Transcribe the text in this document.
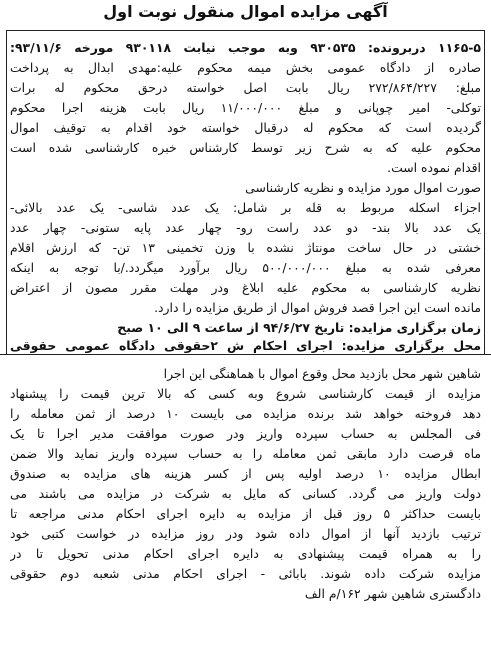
آگهی مزایده اموال منقول نوبت اول
۱۱۶۵-۵ دربرونده: ۹۳۰۵۳۵ وبه موجب نیابت ۹۳۰۱۱۸ مورخه ۹۳/۱۱/۶:
صادره از دادگاه عمومی بخش میمه محکوم علیه:مهدی ابدال به پرداخت
مبلغ: ۲۷۲/۸۶۴/۲۲۷ ریال بابت اصل خواسته درحق محکوم له برات
توکلی- امیر چوپانی و مبلغ ۱۱/۰۰۰/۰۰۰ ریال بابت هزینه اجرا محکوم
گردیده است که محکوم له درقبال خواسته خود اقدام به توقیف اموال
محکوم علیه که به شرح زیر توسط کارشناس خبره کارشناسی شده است
اقدام نموده است.
صورت اموال مورد مزایده و نظریه کارشناسی
اجزاء اسکله مربوط به قله بر شامل: یک عدد شاسی- یک عدد بالائی-
یک عدد بالا بند- دو عدد راست رو- چهار عدد پایه ستونی- چهار عدد
خشتی در حال ساخت مونتاژ نشده با وزن تخمینی ۱۳ تن- که ارزش اقلام
معرفی شده به مبلغ ۵۰۰/۰۰۰/۰۰۰ ریال برآورد میگردد./با توجه به اینکه
نظریه کارشناسی به محکوم علیه ابلاغ ودر مهلت مقرر مصون از اعتراض
مانده است این اجرا قصد فروش اموال از طریق مزایده را دارد.
زمان برگزاری مزایده: تاریخ ۹۴/۶/۲۷ از ساعت ۹ الی ۱۰ صبح
محل برگزاری مزایده: اجرای احکام ش ۲حقوقی دادگاه عمومی حقوقی
شاهین شهر محل بازدید محل وقوع اموال با هماهنگی این اجرا
مزایده از قیمت کارشناسی شروع وبه کسی که بالا ترین قیمت را پیشنهاد
دهد فروخته خواهد شد برنده مزایده می بایست ۱۰ درصد از ثمن معامله را
فی المجلس به حساب سپرده واریز ودر صورت موافقت مدیر اجرا تا یک
ماه فرصت دارد مابقی ثمن معامله را به حساب سپرده واریز نماید والا ضمن
ابطال مزایده ۱۰ درصد اولیه پس از کسر هزینه های مزایده به صندوق
دولت واریز می گردد. کسانی که مایل به شرکت در مزایده می باشند می
بایست حداکثر ۵ روز قبل از مزایده به دایره اجرای احکام مدنی مراجعه تا
ترتیب بازدید آنها از اموال داده شود ودر روز مزایده در خواست کتبی خود
را به همراه قیمت پیشنهادی به دایره اجرای احکام مدنی تحویل تا در
مزایده شرکت داده شوند. بابائی - اجرای احکام مدنی شعبه دوم حقوقی
دادگستری شاهین شهر ۱۶۲/م الف
